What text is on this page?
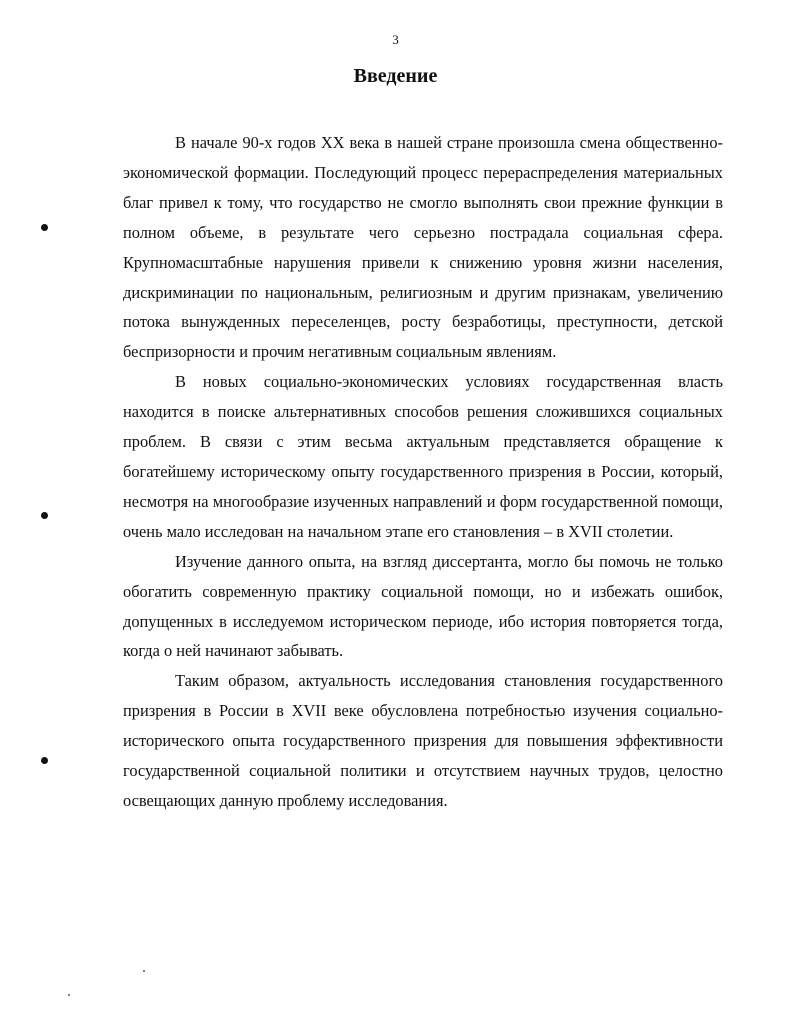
3
Введение

В начале 90-х годов XX века в нашей стране произошла смена общественно-экономической формации. Последующий процесс перераспределения материальных благ привел к тому, что государство не смогло выполнять свои прежние функции в полном объеме, в результате чего серьезно пострадала социальная сфера. Крупномасштабные нарушения привели к снижению уровня жизни населения, дискриминации по национальным, религиозным и другим признакам, увеличению потока вынужденных переселенцев, росту безработицы, преступности, детской беспризорности и прочим негативным социальным явлениям.

В новых социально-экономических условиях государственная власть находится в поиске альтернативных способов решения сложившихся социальных проблем. В связи с этим весьма актуальным представляется обращение к богатейшему историческому опыту государственного призрения в России, который, несмотря на многообразие изученных направлений и форм государственной помощи, очень мало исследован на начальном этапе его становления – в XVII столетии.

Изучение данного опыта, на взгляд диссертанта, могло бы помочь не только обогатить современную практику социальной помощи, но и избежать ошибок, допущенных в исследуемом историческом периоде, ибо история повторяется тогда, когда о ней начинают забывать.

Таким образом, актуальность исследования становления государственного призрения в России в XVII веке обусловлена потребностью изучения социально-исторического опыта государственного призрения для повышения эффективности государственной социальной политики и отсутствием научных трудов, целостно освещающих данную проблему исследования.
